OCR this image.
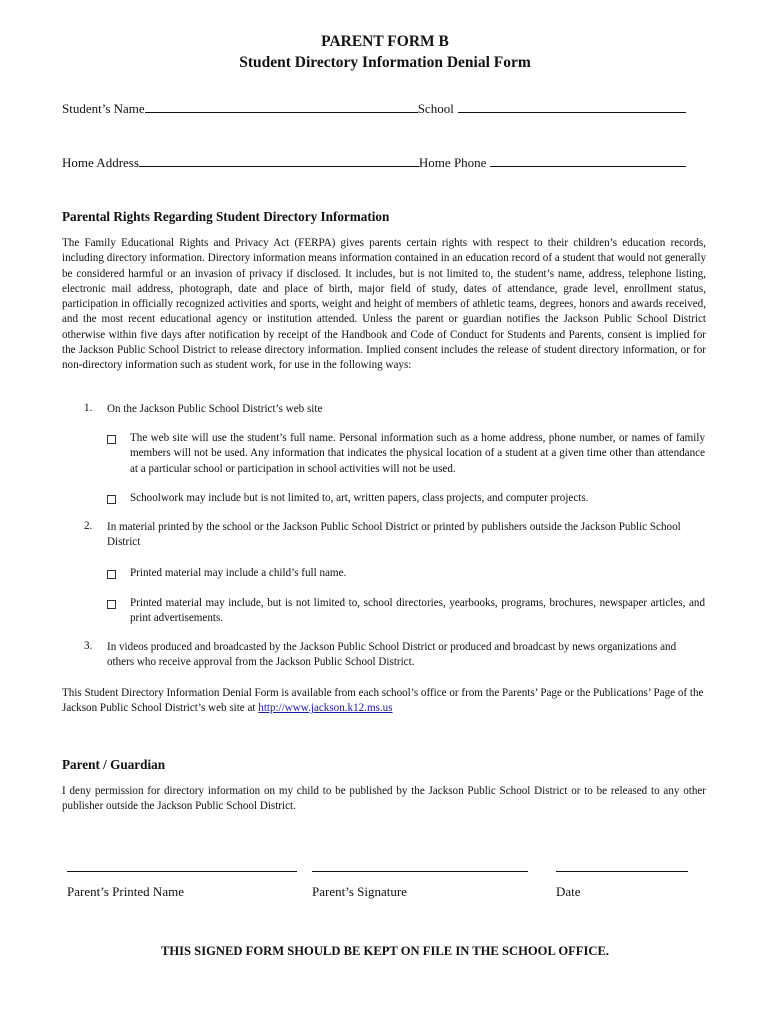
PARENT FORM B
Student Directory Information Denial Form
Student’s Name	School
Home Address	Home Phone
Parental Rights Regarding Student Directory Information
The Family Educational Rights and Privacy Act (FERPA) gives parents certain rights with respect to their children’s education records, including directory information. Directory information means information contained in an education record of a student that would not generally be considered harmful or an invasion of privacy if disclosed. It includes, but is not limited to, the student’s name, address, telephone listing, electronic mail address, photograph, date and place of birth, major field of study, dates of attendance, grade level, enrollment status, participation in officially recognized activities and sports, weight and height of members of athletic teams, degrees, honors and awards received, and the most recent educational agency or institution attended. Unless the parent or guardian notifies the Jackson Public School District otherwise within five days after notification by receipt of the Handbook and Code of Conduct for Students and Parents, consent is implied for the Jackson Public School District to release directory information. Implied consent includes the release of student directory information, or for non-directory information such as student work, for use in the following ways:
1. On the Jackson Public School District’s web site
The web site will use the student’s full name. Personal information such as a home address, phone number, or names of family members will not be used. Any information that indicates the physical location of a student at a given time other than attendance at a particular school or participation in school activities will not be used.
Schoolwork may include but is not limited to, art, written papers, class projects, and computer projects.
2. In material printed by the school or the Jackson Public School District or printed by publishers outside the Jackson Public School District
Printed material may include a child’s full name.
Printed material may include, but is not limited to, school directories, yearbooks, programs, brochures, newspaper articles, and print advertisements.
3. In videos produced and broadcasted by the Jackson Public School District or produced and broadcast by news organizations and others who receive approval from the Jackson Public School District.
This Student Directory Information Denial Form is available from each school’s office or from the Parents’ Page or the Publications’ Page of the Jackson Public School District’s web site at http://www.jackson.k12.ms.us
Parent / Guardian
I deny permission for directory information on my child to be published by the Jackson Public School District or to be released to any other publisher outside the Jackson Public School District.
Parent’s Printed Name	Parent’s Signature	Date
THIS SIGNED FORM SHOULD BE KEPT ON FILE IN THE SCHOOL OFFICE.
